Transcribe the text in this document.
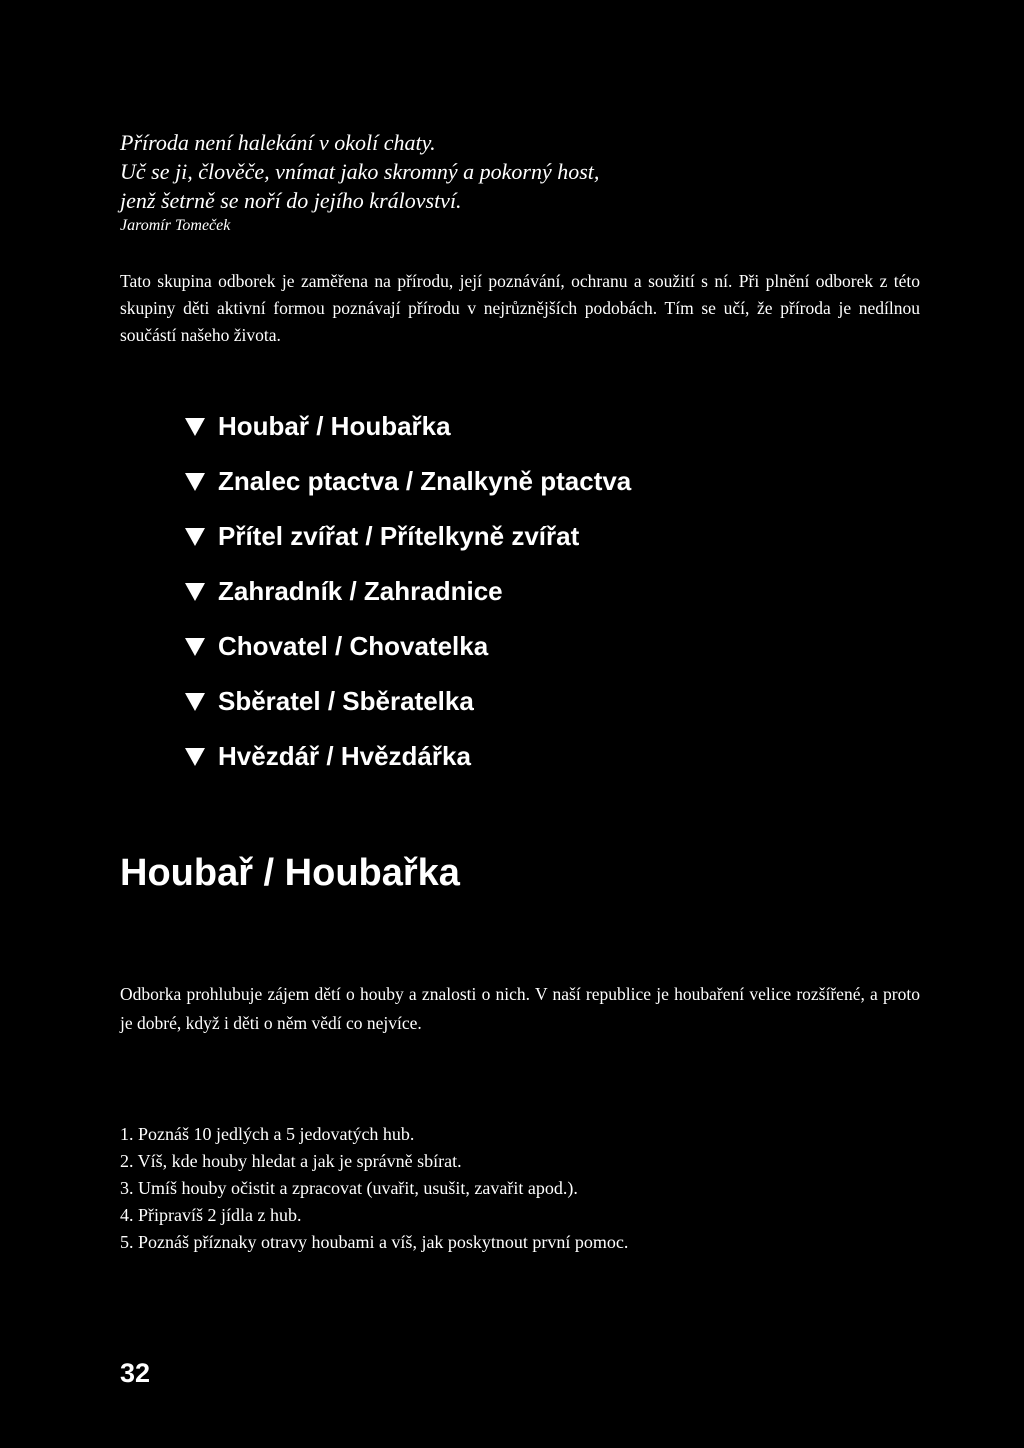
Příroda není halekání v okolí chaty.
Uč se ji, člověče, vnímat jako skromný a pokorný host,
jenž šetrně se noří do jejího království.
Jaromír Tomeček

Tato skupina odborek je zaměřena na přírodu, její poznávání, ochranu a soužití s ní. Při plnění odborek z této skupiny děti aktivní formou poznávají přírodu v nejrůznějších podobách. Tím se učí, že příroda je nedílnou součástí našeho života.

Houbař / Houbařka
Znalec ptactva / Znalkyně ptactva
Přítel zvířat / Přítelkyně zvířat
Zahradník / Zahradnice
Chovatel / Chovatelka
Sběratel / Sběratelka
Hvězdář / Hvězdářka
Houbař / Houbařka

Odborka prohlubuje zájem dětí o houby a znalosti o nich. V naší republice je houbaření velice rozšířené, a proto je dobré, když i děti o něm vědí co nejvíce.

1. Poznáš 10 jedlých a 5 jedovatých hub.
2. Víš, kde houby hledat a jak je správně sbírat.
3. Umíš houby očistit a zpracovat (uvařit, usušit, zavařit apod.).
4. Připravíš 2 jídla z hub.
5. Poznáš příznaky otravy houbami a víš, jak poskytnout první pomoc.
32
